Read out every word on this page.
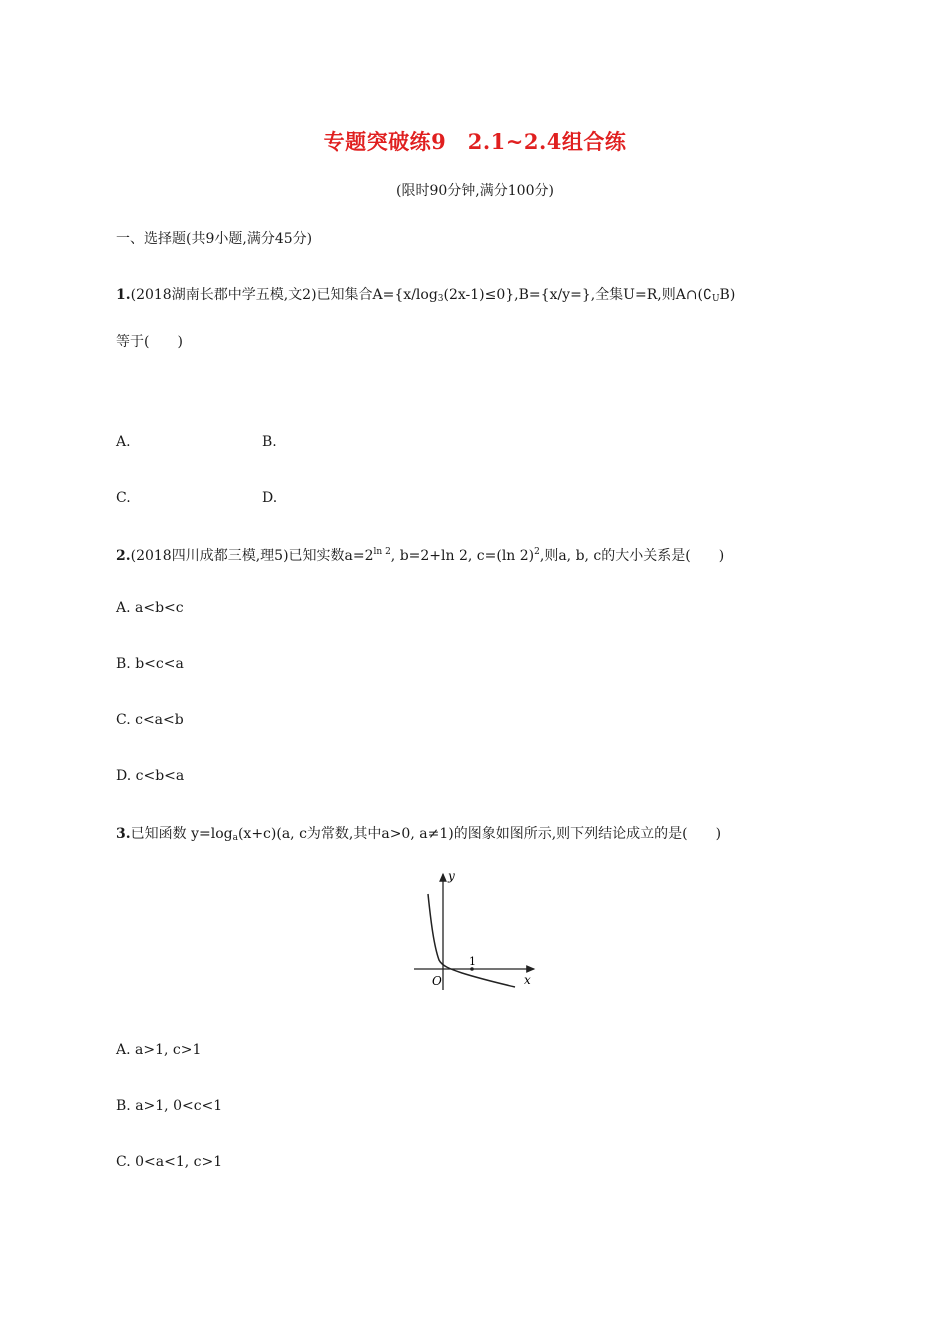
专题突破练9　2.1~2.4组合练
(限时90分钟,满分100分)
一、选择题(共9小题,满分45分)
1.(2018湖南长郡中学五模,文2)已知集合$A=\{x/\log_3(2x-1)\le 0\},B=\{x/y=\}$,全集U=R,则$A\cap(∁_UB)$
等于(　　)
A.	B.
C.	D.
2.(2018四川成都三模,理5)已知实数$a=2^{ln 2}$, b=2+ln 2, c=(ln 2)$^2$,则a, b, c的大小关系是(　　)
A. a<b<c
B. b<c<a
C. c<a<b
D. c<b<a
3.已知函数 $y=\log_a(x+c)(a$, c为常数,其中a>0, a≠1)的图象如图所示,则下列结论成立的是(　　)
y
x
O
1
A. a>1, c>1
B. a>1, 0<c<1
C. 0<a<1, c>1
